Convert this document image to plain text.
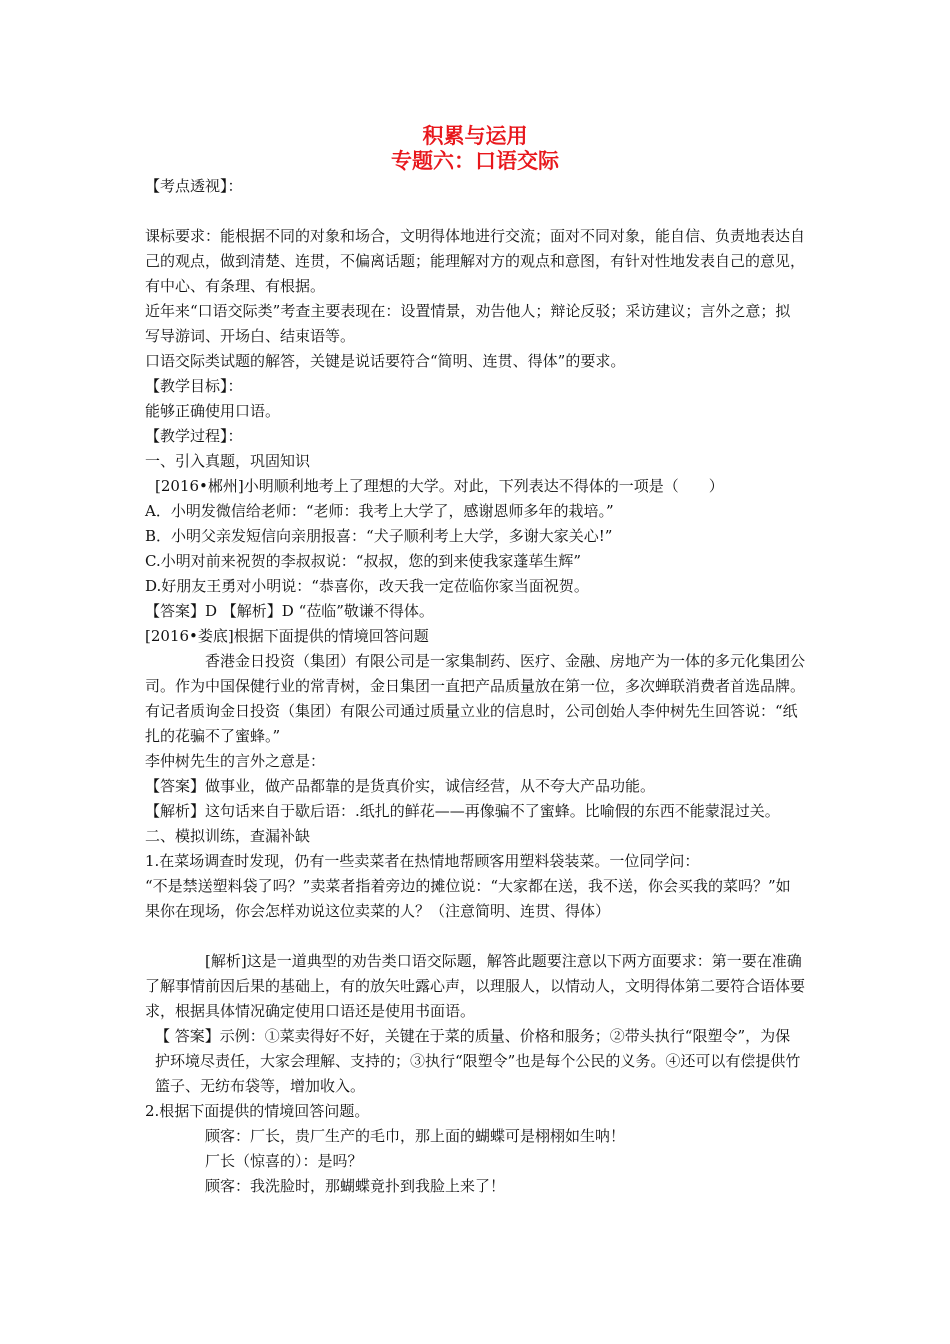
积累与运用
专题六：口语交际

【考点透视】：

课标要求：能根据不同的对象和场合，文明得体地进行交流；面对不同对象，能自信、负责地表达自己的观点，做到清楚、连贯，不偏离话题；能理解对方的观点和意图，有针对性地发表自己的意见，有中心、有条理、有根据。

近年来“口语交际类”考查主要表现在：设置情景，劝告他人；辩论反驳；采访建议；言外之意；拟写导游词、开场白、结束语等。

口语交际类试题的解答，关键是说话要符合“简明、连贯、得体”的要求。

【教学目标】：

能够正确使用口语。

【教学过程】：

一、引入真题，巩固知识

[2016•郴州]小明顺利地考上了理想的大学。对此，下列表达不得体的一项是（　　）

A．小明发微信给老师：“老师：我考上大学了，感谢恩师多年的栽培。”

B．小明父亲发短信向亲朋报喜：“犬子顺利考上大学，多谢大家关心!”

C.小明对前来祝贺的李叔叔说：“叔叔，您的到来使我家蓬荜生辉”

D.好朋友王勇对小明说：“恭喜你，改天我一定莅临你家当面祝贺。

【答案】D 【解析】D “莅临”敬谦不得体。

[2016•娄底]根据下面提供的情境回答问题

香港金日投资（集团）有限公司是一家集制药、医疗、金融、房地产为一体的多元化集团公司。作为中国保健行业的常青树，金日集团一直把产品质量放在第一位，多次蝉联消费者首选品牌。有记者质询金日投资（集团）有限公司通过质量立业的信息时，公司创始人李仲树先生回答说：“纸扎的花骗不了蜜蜂。”

李仲树先生的言外之意是：

【答案】做事业，做产品都靠的是货真价实，诚信经营，从不夸大产品功能。

【解析】这句话来自于歇后语：.纸扎的鲜花——再像骗不了蜜蜂。比喻假的东西不能蒙混过关。

二、模拟训练，查漏补缺

1.在菜场调查时发现，仍有一些卖菜者在热情地帮顾客用塑料袋装菜。一位同学问：

“不是禁送塑料袋了吗？”卖菜者指着旁边的摊位说：“大家都在送，我不送，你会买我的菜吗？”如果你在现场，你会怎样劝说这位卖菜的人？（注意简明、连贯、得体）

[解析]这是一道典型的劝告类口语交际题，解答此题要注意以下两方面要求：第一要在准确了解事情前因后果的基础上，有的放矢吐露心声，以理服人，以情动人，文明得体第二要符合语体要求，根据具体情况确定使用口语还是使用书面语。

【 答案】示例：①菜卖得好不好，关键在于菜的质量、价格和服务；②带头执行“限塑令”，为保护环境尽责任，大家会理解、支持的；③执行“限塑令”也是每个公民的义务。④还可以有偿提供竹篮子、无纺布袋等，增加收入。

2.根据下面提供的情境回答问题。

顾客：厂长，贵厂生产的毛巾，那上面的蝴蝶可是栩栩如生呐！

厂长（惊喜的）：是吗？

顾客：我洗脸时，那蝴蝶竟扑到我脸上来了！
